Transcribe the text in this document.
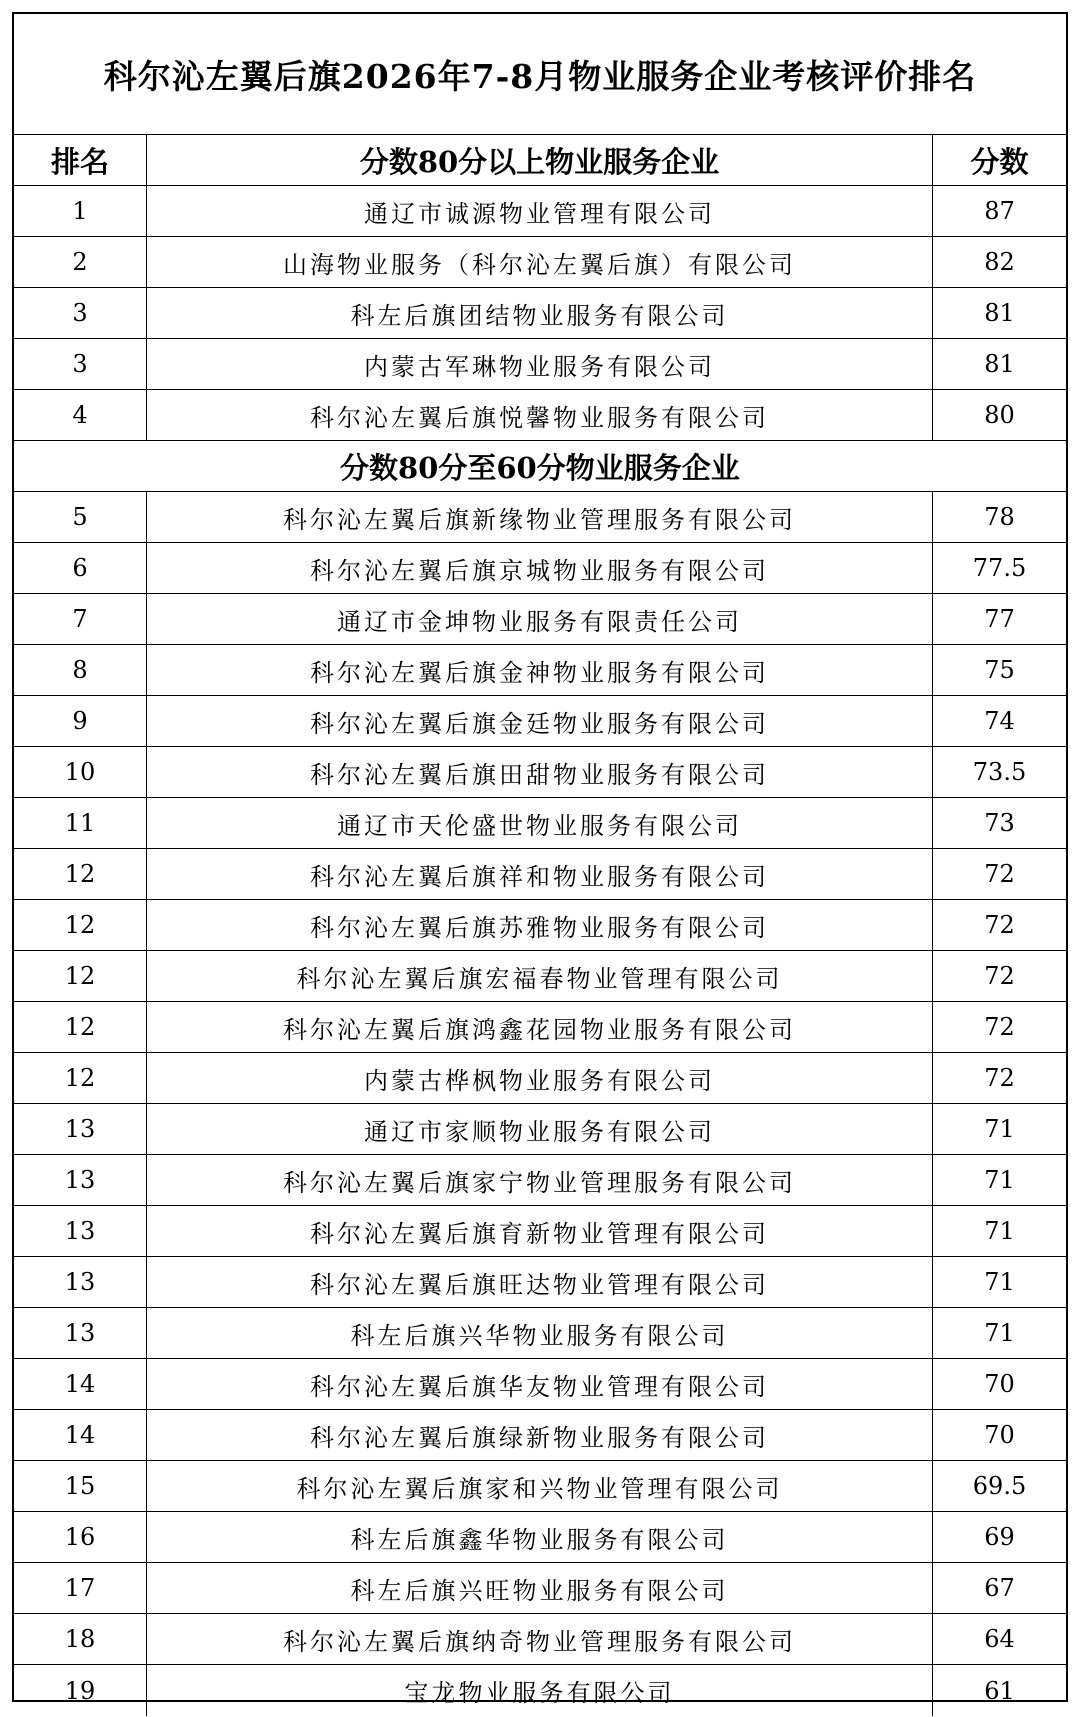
科尔沁左翼后旗2026年7-8月物业服务企业考核评价排名
排名	分数80分以上物业服务企业	分数
1	通辽市诚源物业管理有限公司	87
2	山海物业服务（科尔沁左翼后旗）有限公司	82
3	科左后旗团结物业服务有限公司	81
3	内蒙古军琳物业服务有限公司	81
4	科尔沁左翼后旗悦馨物业服务有限公司	80
分数80分至60分物业服务企业
5	科尔沁左翼后旗新缘物业管理服务有限公司	78
6	科尔沁左翼后旗京城物业服务有限公司	77.5
7	通辽市金坤物业服务有限责任公司	77
8	科尔沁左翼后旗金神物业服务有限公司	75
9	科尔沁左翼后旗金廷物业服务有限公司	74
10	科尔沁左翼后旗田甜物业服务有限公司	73.5
11	通辽市天伦盛世物业服务有限公司	73
12	科尔沁左翼后旗祥和物业服务有限公司	72
12	科尔沁左翼后旗苏雅物业服务有限公司	72
12	科尔沁左翼后旗宏福春物业管理有限公司	72
12	科尔沁左翼后旗鸿鑫花园物业服务有限公司	72
12	内蒙古桦枫物业服务有限公司	72
13	通辽市家顺物业服务有限公司	71
13	科尔沁左翼后旗家宁物业管理服务有限公司	71
13	科尔沁左翼后旗育新物业管理有限公司	71
13	科尔沁左翼后旗旺达物业管理有限公司	71
13	科左后旗兴华物业服务有限公司	71
14	科尔沁左翼后旗华友物业管理有限公司	70
14	科尔沁左翼后旗绿新物业服务有限公司	70
15	科尔沁左翼后旗家和兴物业管理有限公司	69.5
16	科左后旗鑫华物业服务有限公司	69
17	科左后旗兴旺物业服务有限公司	67
18	科尔沁左翼后旗纳奇物业管理服务有限公司	64
19	宝龙物业服务有限公司	61
